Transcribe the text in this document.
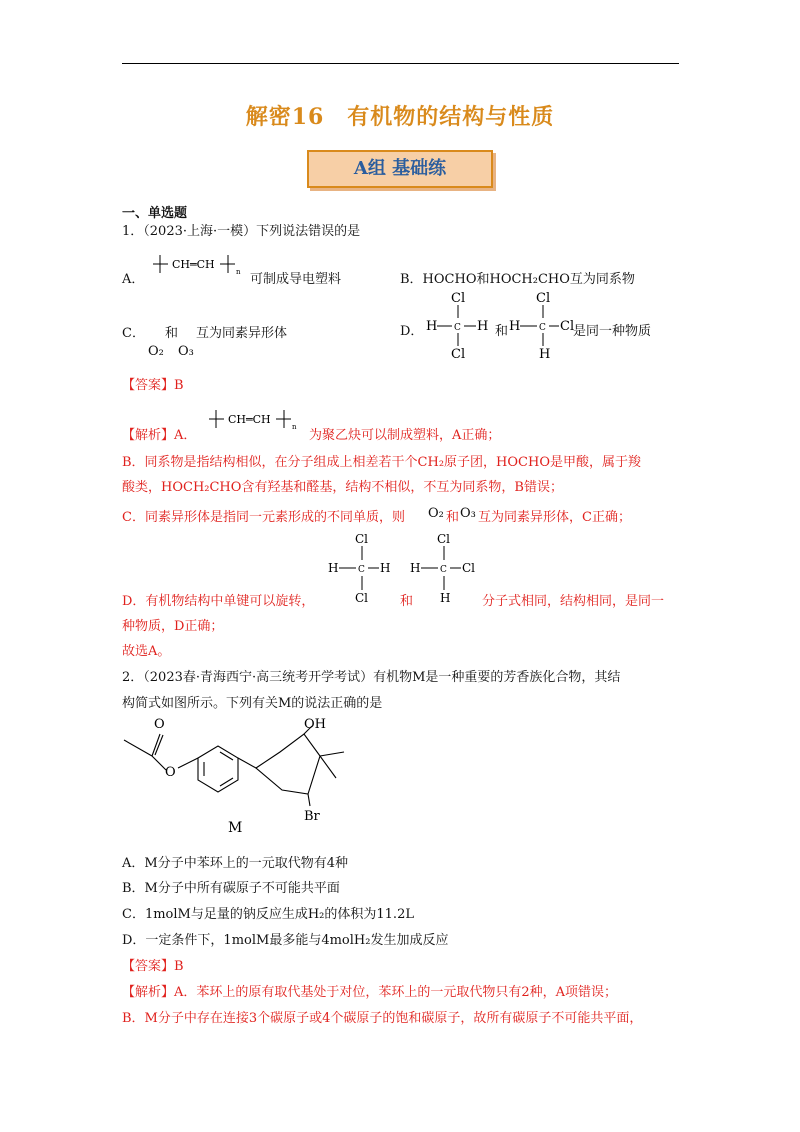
解密16　有机物的结构与性质
A组 基础练
一、单选题
1．（2023·上海·一模）下列说法错误的是
A．
CH═CH
n 可制成导电塑料	B．HOCHO和HOCH₂CHO互为同系物
C． 和 互为同素异形体
O₂ O₃
D．
Cl
H C H
Cl
和
Cl
H C Cl
H
是同一种物质
【答案】B
【解析】A．
CH═CH
n
为聚乙炔可以制成塑料，A正确；
B．同系物是指结构相似，在分子组成上相差若干个CH₂原子团，HOCHO是甲酸，属于羧
酸类，HOCH₂CHO含有羟基和醛基，结构不相似，不互为同系物，B错误；
C．同素异形体是指同一元素形成的不同单质，则 O₂ 和 O₃ 互为同素异形体，C正确；
Cl
H C H
Cl
Cl
H C Cl
H
D．有机物结构中单键可以旋转，	和	分子式相同，结构相同，是同一
种物质，D正确；
故选A。
2．（2023春·青海西宁·高三统考开学考试）有机物M是一种重要的芳香族化合物，其结
构简式如图所示。下列有关M的说法正确的是
O
O
OH
Br
M
A．M分子中苯环上的一元取代物有4种
B．M分子中所有碳原子不可能共平面
C．1molM与足量的钠反应生成H₂的体积为11.2L
D．一定条件下，1molM最多能与4molH₂发生加成反应
【答案】B
【解析】A．苯环上的原有取代基处于对位，苯环上的一元取代物只有2种，A项错误；
B．M分子中存在连接3个碳原子或4个碳原子的饱和碳原子，故所有碳原子不可能共平面，
